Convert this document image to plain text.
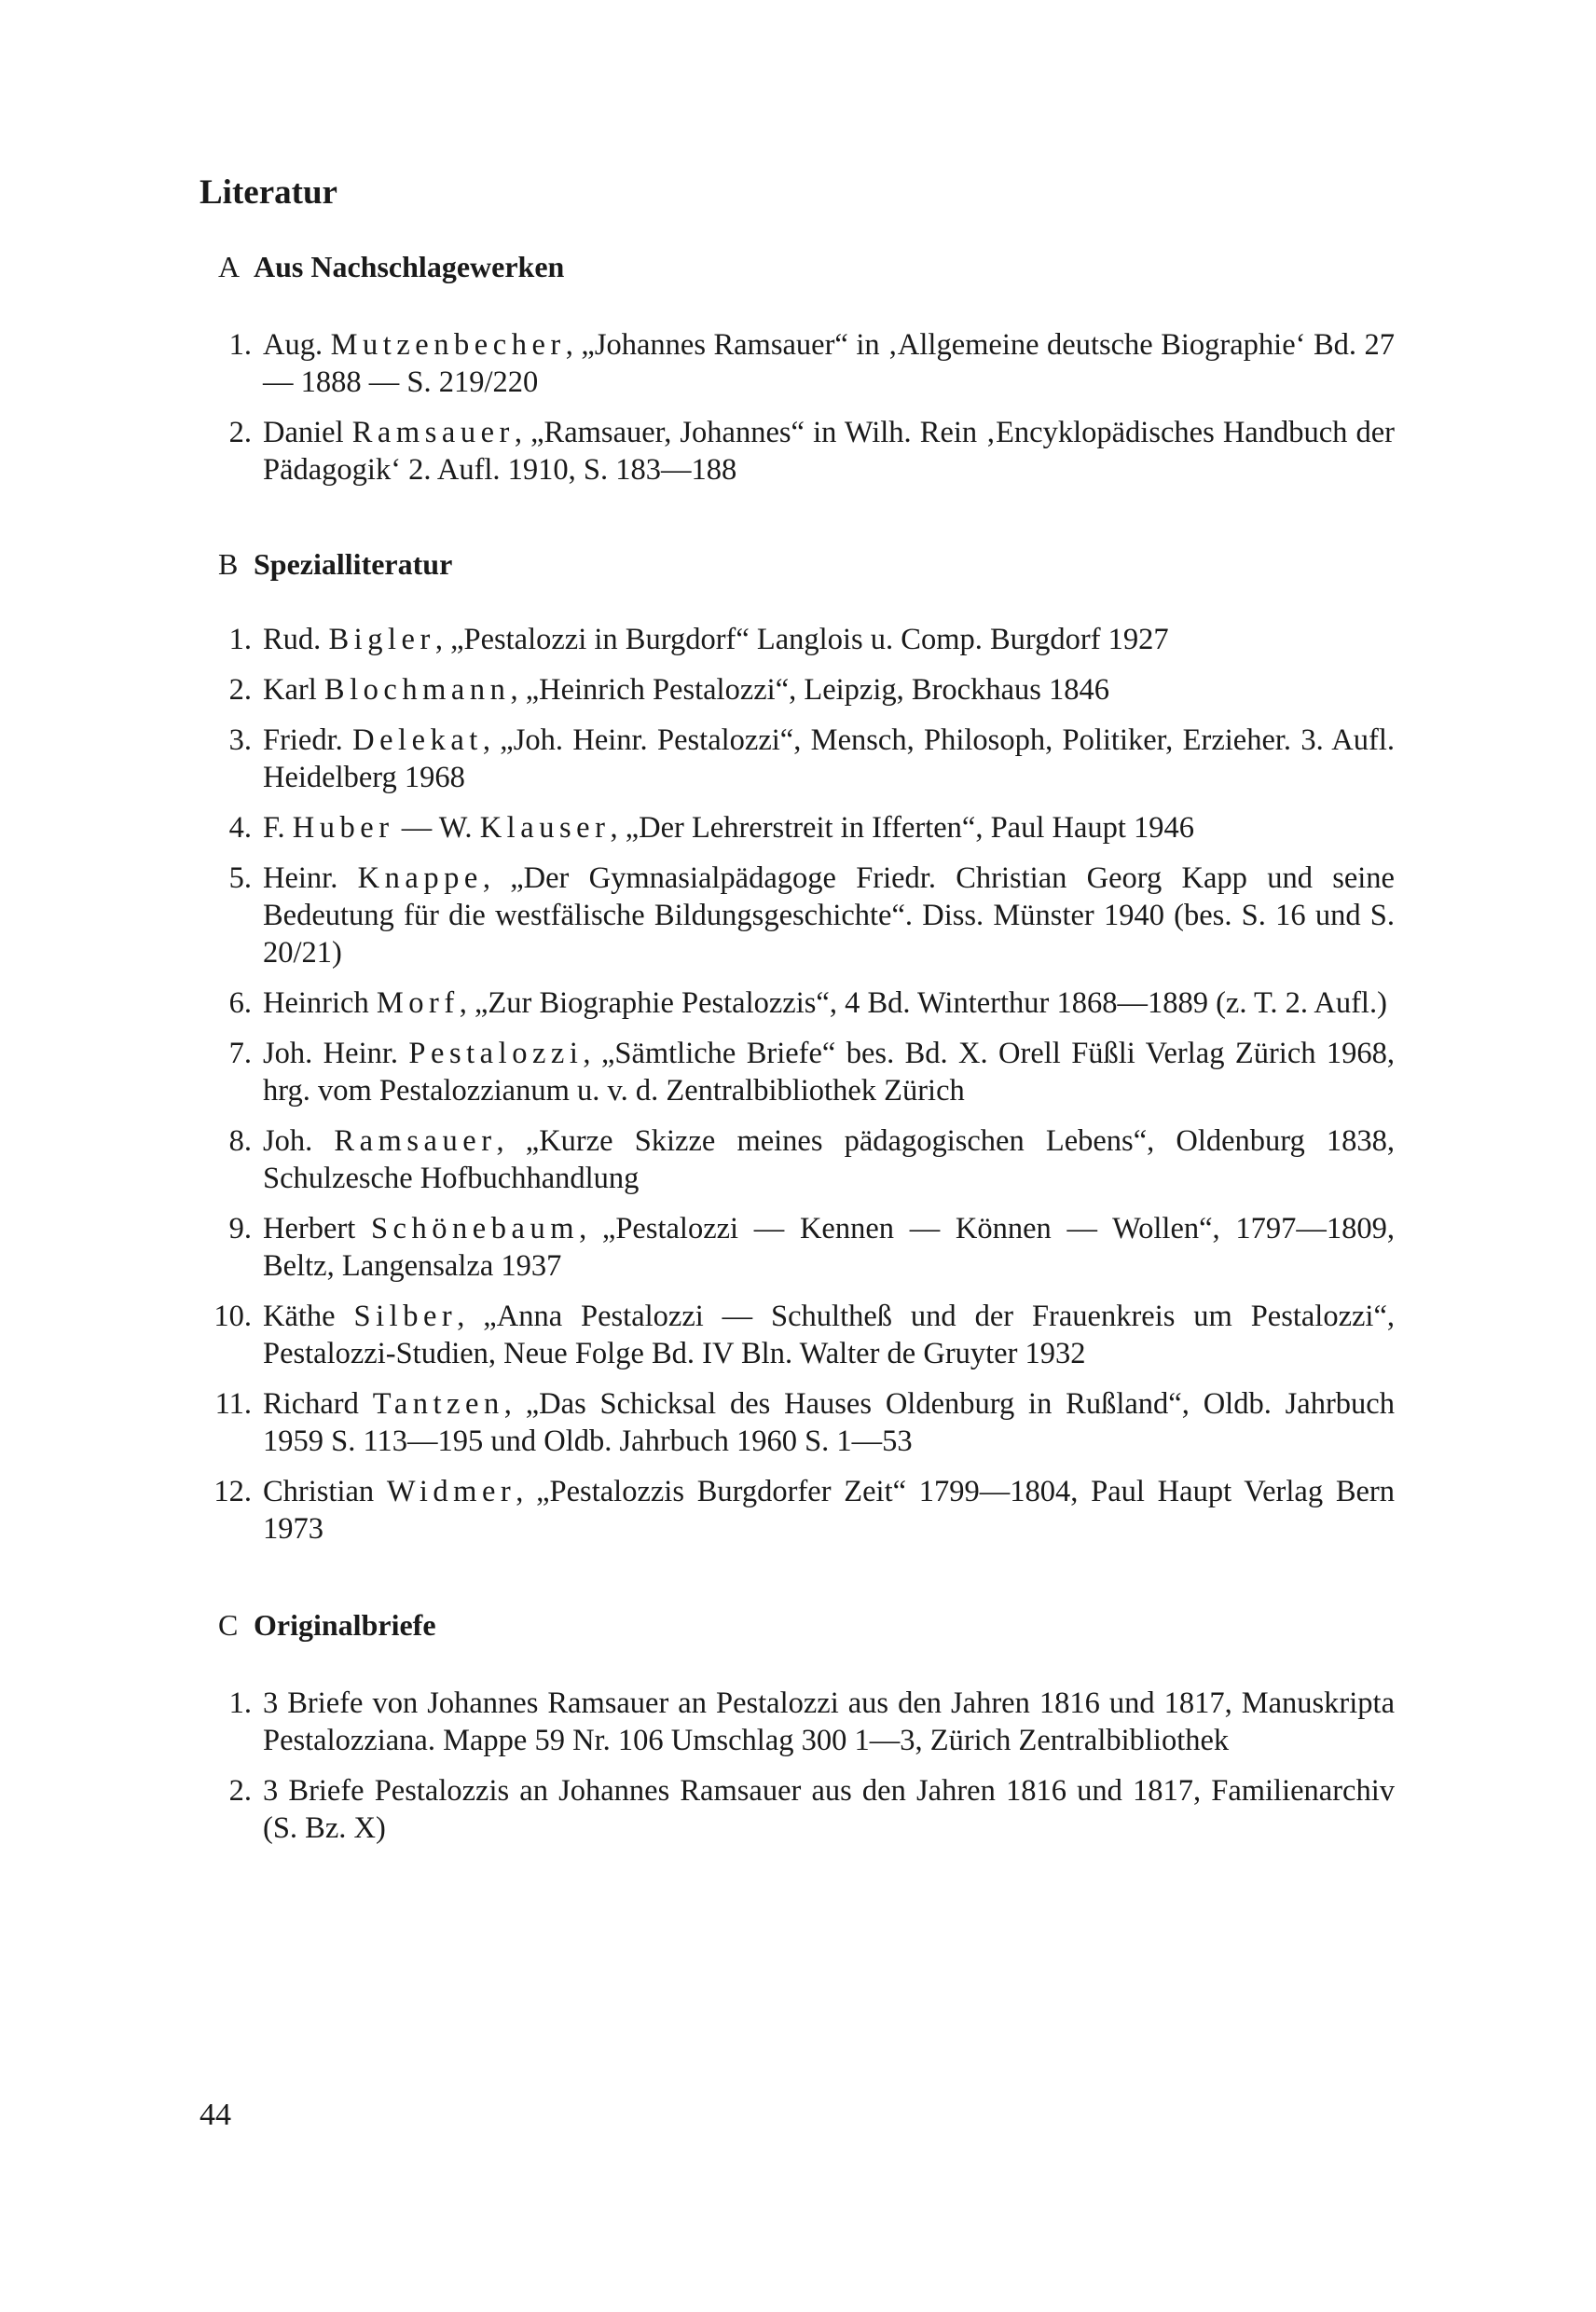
Literatur
A Aus Nachschlagewerken
1. Aug. Mutzenbecher, „Johannes Ramsauer“ in ‚Allgemeine deutsche Biographie‘ Bd. 27 — 1888 — S. 219/220
2. Daniel Ramsauer, „Ramsauer, Johannes“ in Wilh. Rein ‚Encyklopädisches Handbuch der Pädagogik‘ 2. Aufl. 1910, S. 183—188
B Spezialliteratur
1. Rud. Bigler, „Pestalozzi in Burgdorf“ Langlois u. Comp. Burgdorf 1927
2. Karl Blochmann, „Heinrich Pestalozzi“, Leipzig, Brockhaus 1846
3. Friedr. Delekat, „Joh. Heinr. Pestalozzi“, Mensch, Philosoph, Politiker, Erzieher. 3. Aufl. Heidelberg 1968
4. F. Huber — W. Klauser, „Der Lehrerstreit in Ifferten“, Paul Haupt 1946
5. Heinr. Knappe, „Der Gymnasialpädagoge Friedr. Christian Georg Kapp und seine Bedeutung für die westfälische Bildungsgeschichte“. Diss. Münster 1940 (bes. S. 16 und S. 20/21)
6. Heinrich Morf, „Zur Biographie Pestalozzis“, 4 Bd. Winterthur 1868—1889 (z. T. 2. Aufl.)
7. Joh. Heinr. Pestalozzi, „Sämtliche Briefe“ bes. Bd. X. Orell Füßli Verlag Zürich 1968, hrg. vom Pestalozzianum u. v. d. Zentralbibliothek Zürich
8. Joh. Ramsauer, „Kurze Skizze meines pädagogischen Lebens“, Oldenburg 1838, Schulzesche Hofbuchhandlung
9. Herbert Schönebaum, „Pestalozzi — Kennen — Können — Wollen“, 1797—1809, Beltz, Langensalza 1937
10. Käthe Silber, „Anna Pestalozzi — Schultheß und der Frauenkreis um Pestalozzi“, Pestalozzi-Studien, Neue Folge Bd. IV Bln. Walter de Gruyter 1932
11. Richard Tantzen, „Das Schicksal des Hauses Oldenburg in Rußland“, Oldb. Jahrbuch 1959 S. 113—195 und Oldb. Jahrbuch 1960 S. 1—53
12. Christian Widmer, „Pestalozzis Burgdorfer Zeit“ 1799—1804, Paul Haupt Verlag Bern 1973
C Originalbriefe
1. 3 Briefe von Johannes Ramsauer an Pestalozzi aus den Jahren 1816 und 1817, Manuskripta Pestalozziana. Mappe 59 Nr. 106 Umschlag 300 1—3, Zürich Zentralbibliothek
2. 3 Briefe Pestalozzis an Johannes Ramsauer aus den Jahren 1816 und 1817, Familienarchiv (S. Bz. X)
44
